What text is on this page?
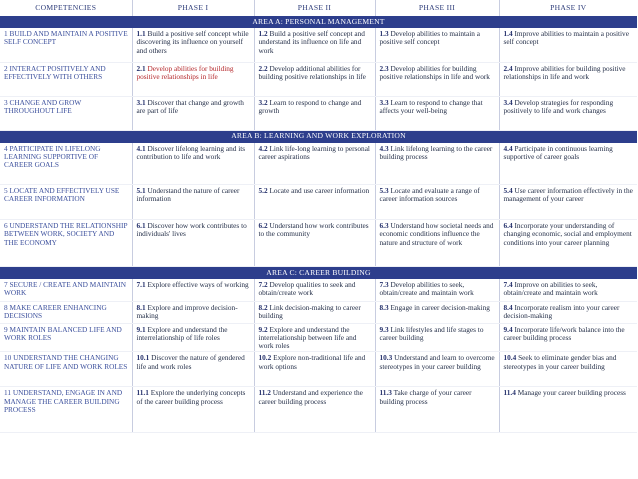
COMPETENCIES	PHASE I	PHASE II	PHASE III	PHASE IV
AREA A: PERSONAL MANAGEMENT				
1 BUILD AND MAINTAIN A POSITIVE SELF CONCEPT	1.1 Build a positive self concept while discovering its influence on yourself and others	1.2 Build a positive self concept and understand its influence on life and work	1.3 Develop abilities to maintain a positive self concept	1.4 Improve abilities to maintain a positive self concept
2 INTERACT POSITIVELY AND EFFECTIVELY WITH OTHERS	2.1 Develop abilities for building positive relationships in life	2.2 Develop additional abilities for building positive relationships in life	2.3 Develop abilities for building positive relationships in life and work	2.4 Improve abilities for building positive relationships in life and work
3 CHANGE AND GROW THROUGHOUT LIFE	3.1 Discover that change and growth are part of life	3.2 Learn to respond to change and growth	3.3 Learn to respond to change that affects your well-being	3.4 Develop strategies for responding positively to life and work changes
AREA B: LEARNING AND WORK EXPLORATION				
4 PARTICIPATE IN LIFELONG LEARNING SUPPORTIVE OF CAREER GOALS	4.1 Discover lifelong learning and its contribution to life and work	4.2 Link life-long learning to personal career aspirations	4.3 Link lifelong learning to the career building process	4.4 Participate in continuous learning supportive of career goals
5 LOCATE AND EFFECTIVELY USE CAREER INFORMATION	5.1 Understand the nature of career information	5.2 Locate and use career information	5.3 Locate and evaluate a range of career information sources	5.4 Use career information effectively in the management of your career
6 UNDERSTAND THE RELATIONSHIP BETWEEN WORK, SOCIETY AND THE ECONOMY	6.1 Discover how work contributes to individuals' lives	6.2 Understand how work contributes to the community	6.3 Understand how societal needs and economic conditions influence the nature and structure of work	6.4 Incorporate your understanding of changing economic, social and employment conditions into your career planning
AREA C: CAREER BUILDING				
7 SECURE / CREATE AND MAINTAIN WORK	7.1 Explore effective ways of working	7.2 Develop qualities to seek and obtain/create work	7.3 Develop abilities to seek, obtain/create and maintain work	7.4 Improve on abilities to seek, obtain/create and maintain work
8 MAKE CAREER ENHANCING DECISIONS	8.1 Explore and improve decision-making	8.2 Link decision-making to career building	8.3 Engage in career decision-making	8.4 Incorporate realism into your career decision-making
9 MAINTAIN BALANCED LIFE AND WORK ROLES	9.1 Explore and understand the interrelationship of life roles	9.2 Explore and understand the interrelationship between life and work roles	9.3 Link lifestyles and life stages to career building	9.4 Incorporate life/work balance into the career building process
10 UNDERSTAND THE CHANGING NATURE OF LIFE AND WORK ROLES	10.1 Discover the nature of gendered life and work roles	10.2 Explore non-traditional life and work options	10.3 Understand and learn to overcome stereotypes in your career building	10.4 Seek to eliminate gender bias and stereotypes in your career building
11 UNDERSTAND, ENGAGE IN AND MANAGE THE CAREER BUILDING PROCESS	11.1 Explore the underlying concepts of the career building process	11.2 Understand and experience the career building process	11.3 Take charge of your career building process	11.4 Manage your career building process
